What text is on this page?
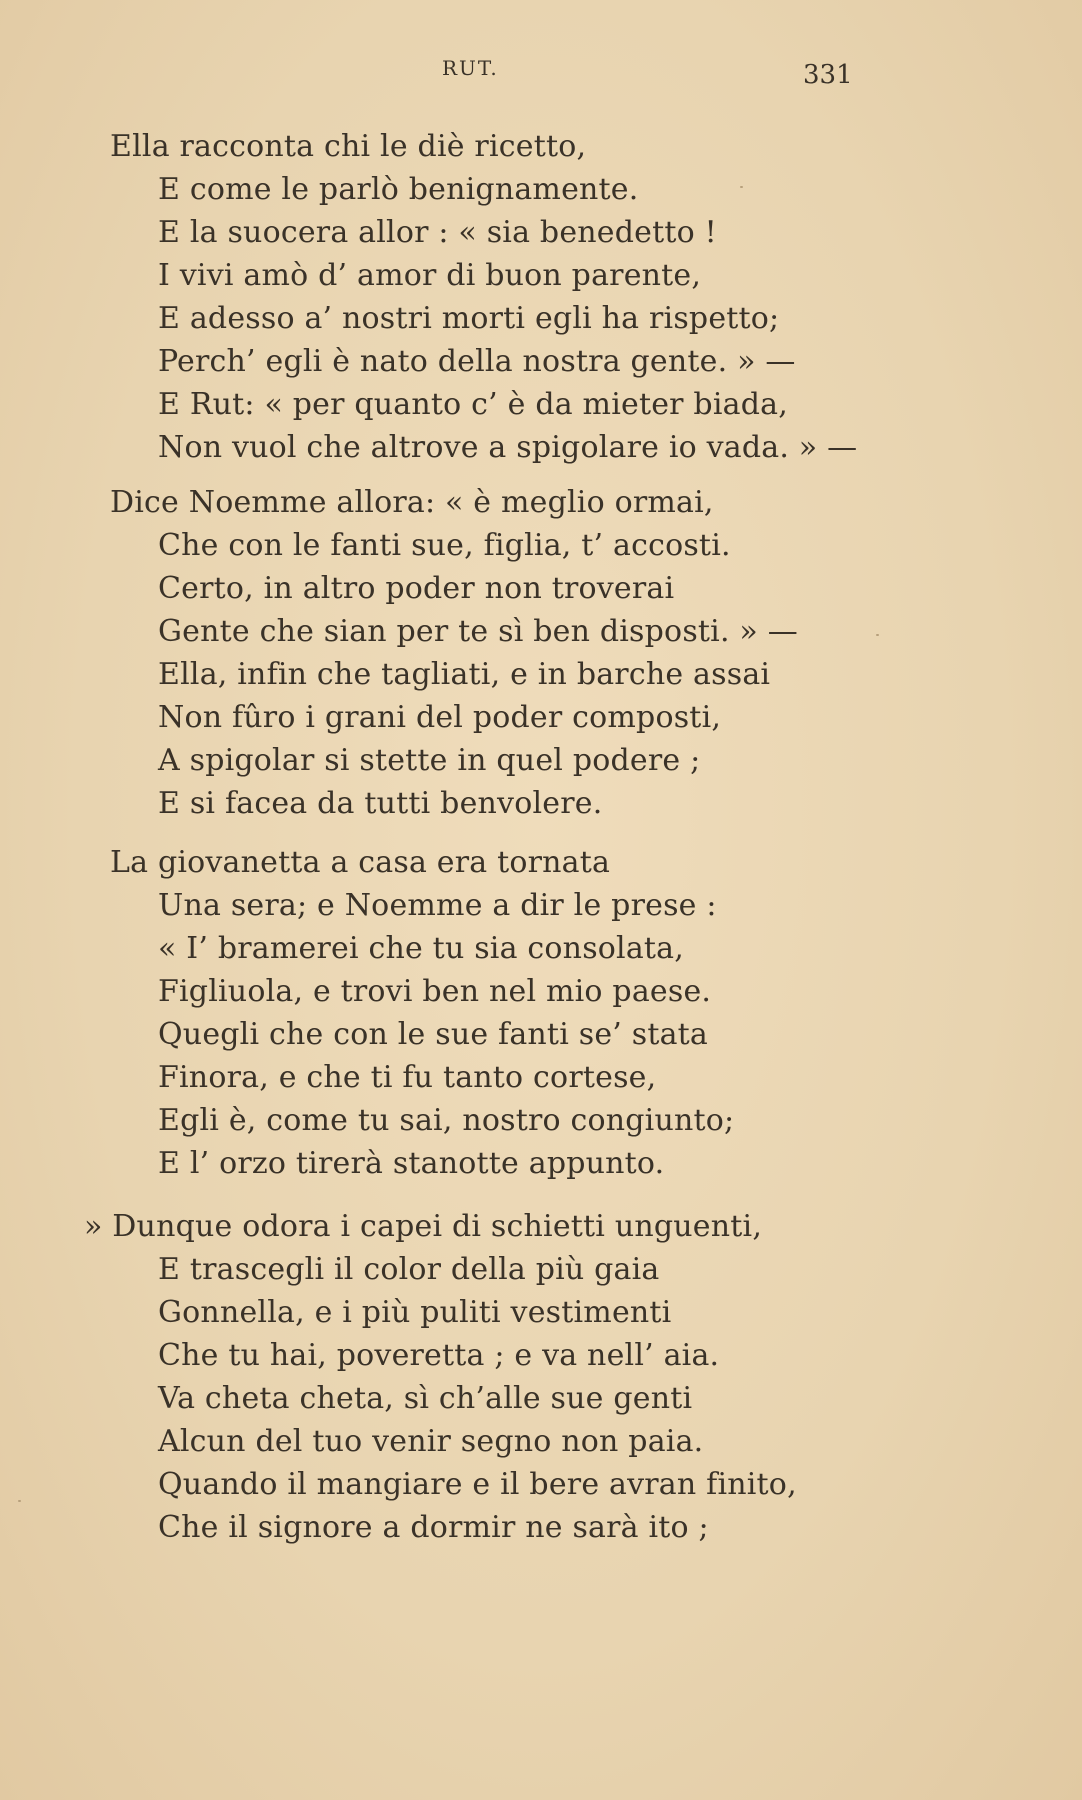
RUT.	331
Ella racconta chi le diè ricetto,
E come le parlò benignamente.
E la suocera allor : « sia benedetto !
I vivi amò d’ amor di buon parente,
E adesso a’ nostri morti egli ha rispetto;
Perch’ egli è nato della nostra gente. » —
E Rut: « per quanto c’ è da mieter biada,
Non vuol che altrove a spigolare io vada. » —
Dice Noemme allora: « è meglio ormai,
Che con le fanti sue, figlia, t’ accosti.
Certo, in altro poder non troverai
Gente che sian per te sì ben disposti. » —
Ella, infin che tagliati, e in barche assai
Non fûro i grani del poder composti,
A spigolar si stette in quel podere ;
E si facea da tutti benvolere.
La giovanetta a casa era tornata
Una sera; e Noemme a dir le prese :
« I’ bramerei che tu sia consolata,
Figliuola, e trovi ben nel mio paese.
Quegli che con le sue fanti se’ stata
Finora, e che ti fu tanto cortese,
Egli è, come tu sai, nostro congiunto;
E l’ orzo tirerà stanotte appunto.
» Dunque odora i capei di schietti unguenti,
E trascegli il color della più gaia
Gonnella, e i più puliti vestimenti
Che tu hai, poveretta ; e va nell’ aia.
Va cheta cheta, sì ch’alle sue genti
Alcun del tuo venir segno non paia.
Quando il mangiare e il bere avran finito,
Che il signore a dormir ne sarà ito ;
